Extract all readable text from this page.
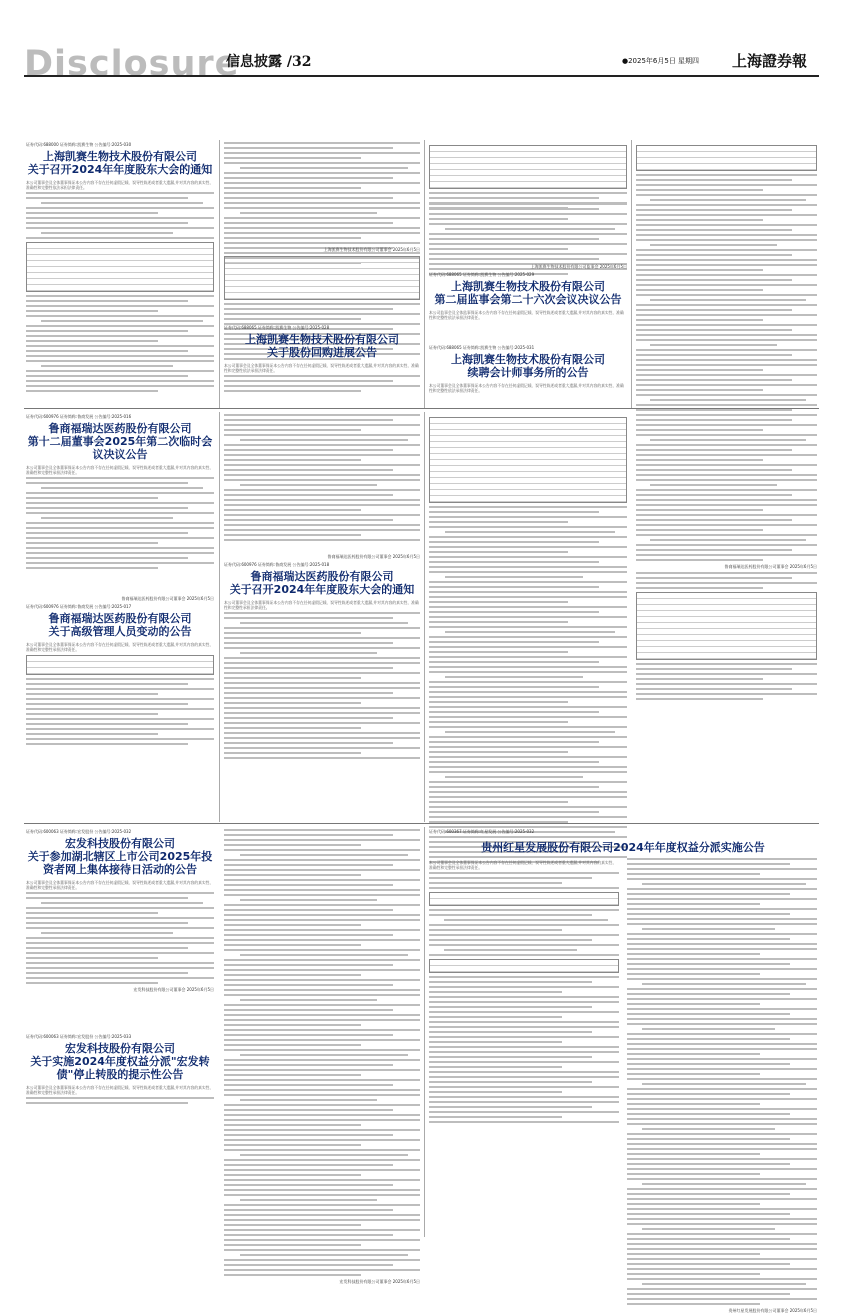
Disclosure
信息披露 /32	●2025年6月5日 星期四 上海證券報
证券代码:688000 证券简称:凯赛生物 公告编号:2025-030
上海凯赛生物技术股份有限公司
关于召开2024年年度股东大会的通知
本公司董事会及全体董事保证本公告内容不存在任何虚假记载、误导性陈述或者重大遗漏,并对其内容的真实性、准确性和完整性依法承担法律责任。
上海凯赛生物技术股份有限公司董事会 2025年6月5日
证券代码:688065 证券简称:凯赛生物 公告编号:2025-028
上海凯赛生物技术股份有限公司
关于股份回购进展公告
本公司董事会及全体董事保证本公告内容不存在任何虚假记载、误导性陈述或者重大遗漏,并对其内容的真实性、准确性和完整性依法承担法律责任。
上海凯赛生物技术股份有限公司监事会 2025年6月5日
证券代码:688065 证券简称:凯赛生物 公告编号:2025-029
上海凯赛生物技术股份有限公司
第二届监事会第二十六次会议决议公告
本公司监事会及全体监事保证本公告内容不存在任何虚假记载、误导性陈述或者重大遗漏,并对其内容的真实性、准确性和完整性依法承担法律责任。
证券代码:688065 证券简称:凯赛生物 公告编号:2025-031
上海凯赛生物技术股份有限公司
续聘会计师事务所的公告
本公司董事会及全体董事保证本公告内容不存在任何虚假记载、误导性陈述或者重大遗漏,并对其内容的真实性、准确性和完整性依法承担法律责任。
证券代码:600976 证券简称:鲁商发展 公告编号:2025-016
鲁商福瑞达医药股份有限公司
第十二届董事会2025年第二次临时会议决议公告
本公司董事会及全体董事保证本公告内容不存在任何虚假记载、误导性陈述或者重大遗漏,并对其内容的真实性、准确性和完整性承担法律责任。
鲁商福瑞达医药股份有限公司董事会 2025年6月5日
证券代码:600976 证券简称:鲁商发展 公告编号:2025-017
鲁商福瑞达医药股份有限公司
关于高级管理人员变动的公告
本公司董事会及全体董事保证本公告内容不存在任何虚假记载、误导性陈述或者重大遗漏,并对其内容的真实性、准确性和完整性承担法律责任。
鲁商福瑞达医药股份有限公司董事会 2025年6月5日
证券代码:600976 证券简称:鲁商发展 公告编号:2025-018
鲁商福瑞达医药股份有限公司
关于召开2024年年度股东大会的通知
本公司董事会及全体董事保证本公告内容不存在任何虚假记载、误导性陈述或者重大遗漏,并对其内容的真实性、准确性和完整性承担法律责任。
鲁商福瑞达医药股份有限公司董事会 2025年6月5日
证券代码:600063 证券简称:宏发股份 公告编号:2025-032
宏发科技股份有限公司
关于参加湖北辖区上市公司2025年投资者网上集体接待日活动的公告
本公司董事会及全体董事保证本公告内容不存在任何虚假记载、误导性陈述或者重大遗漏,并对其内容的真实性、准确性和完整性承担法律责任。
宏发科技股份有限公司董事会 2025年6月5日
证券代码:600063 证券简称:宏发股份 公告编号:2025-033
宏发科技股份有限公司
关于实施2024年度权益分派"宏发转债"停止转股的提示性公告
本公司董事会及全体董事保证本公告内容不存在任何虚假记载、误导性陈述或者重大遗漏,并对其内容的真实性、准确性和完整性承担法律责任。
宏发科技股份有限公司董事会 2025年6月5日
证券代码:600367 证券简称:红星发展 公告编号:2025-032
贵州红星发展股份有限公司2024年年度权益分派实施公告
本公司董事会及全体董事保证本公告内容不存在任何虚假记载、误导性陈述或者重大遗漏,并对其内容的真实性、准确性和完整性承担法律责任。
贵州红星发展股份有限公司董事会 2025年6月5日
